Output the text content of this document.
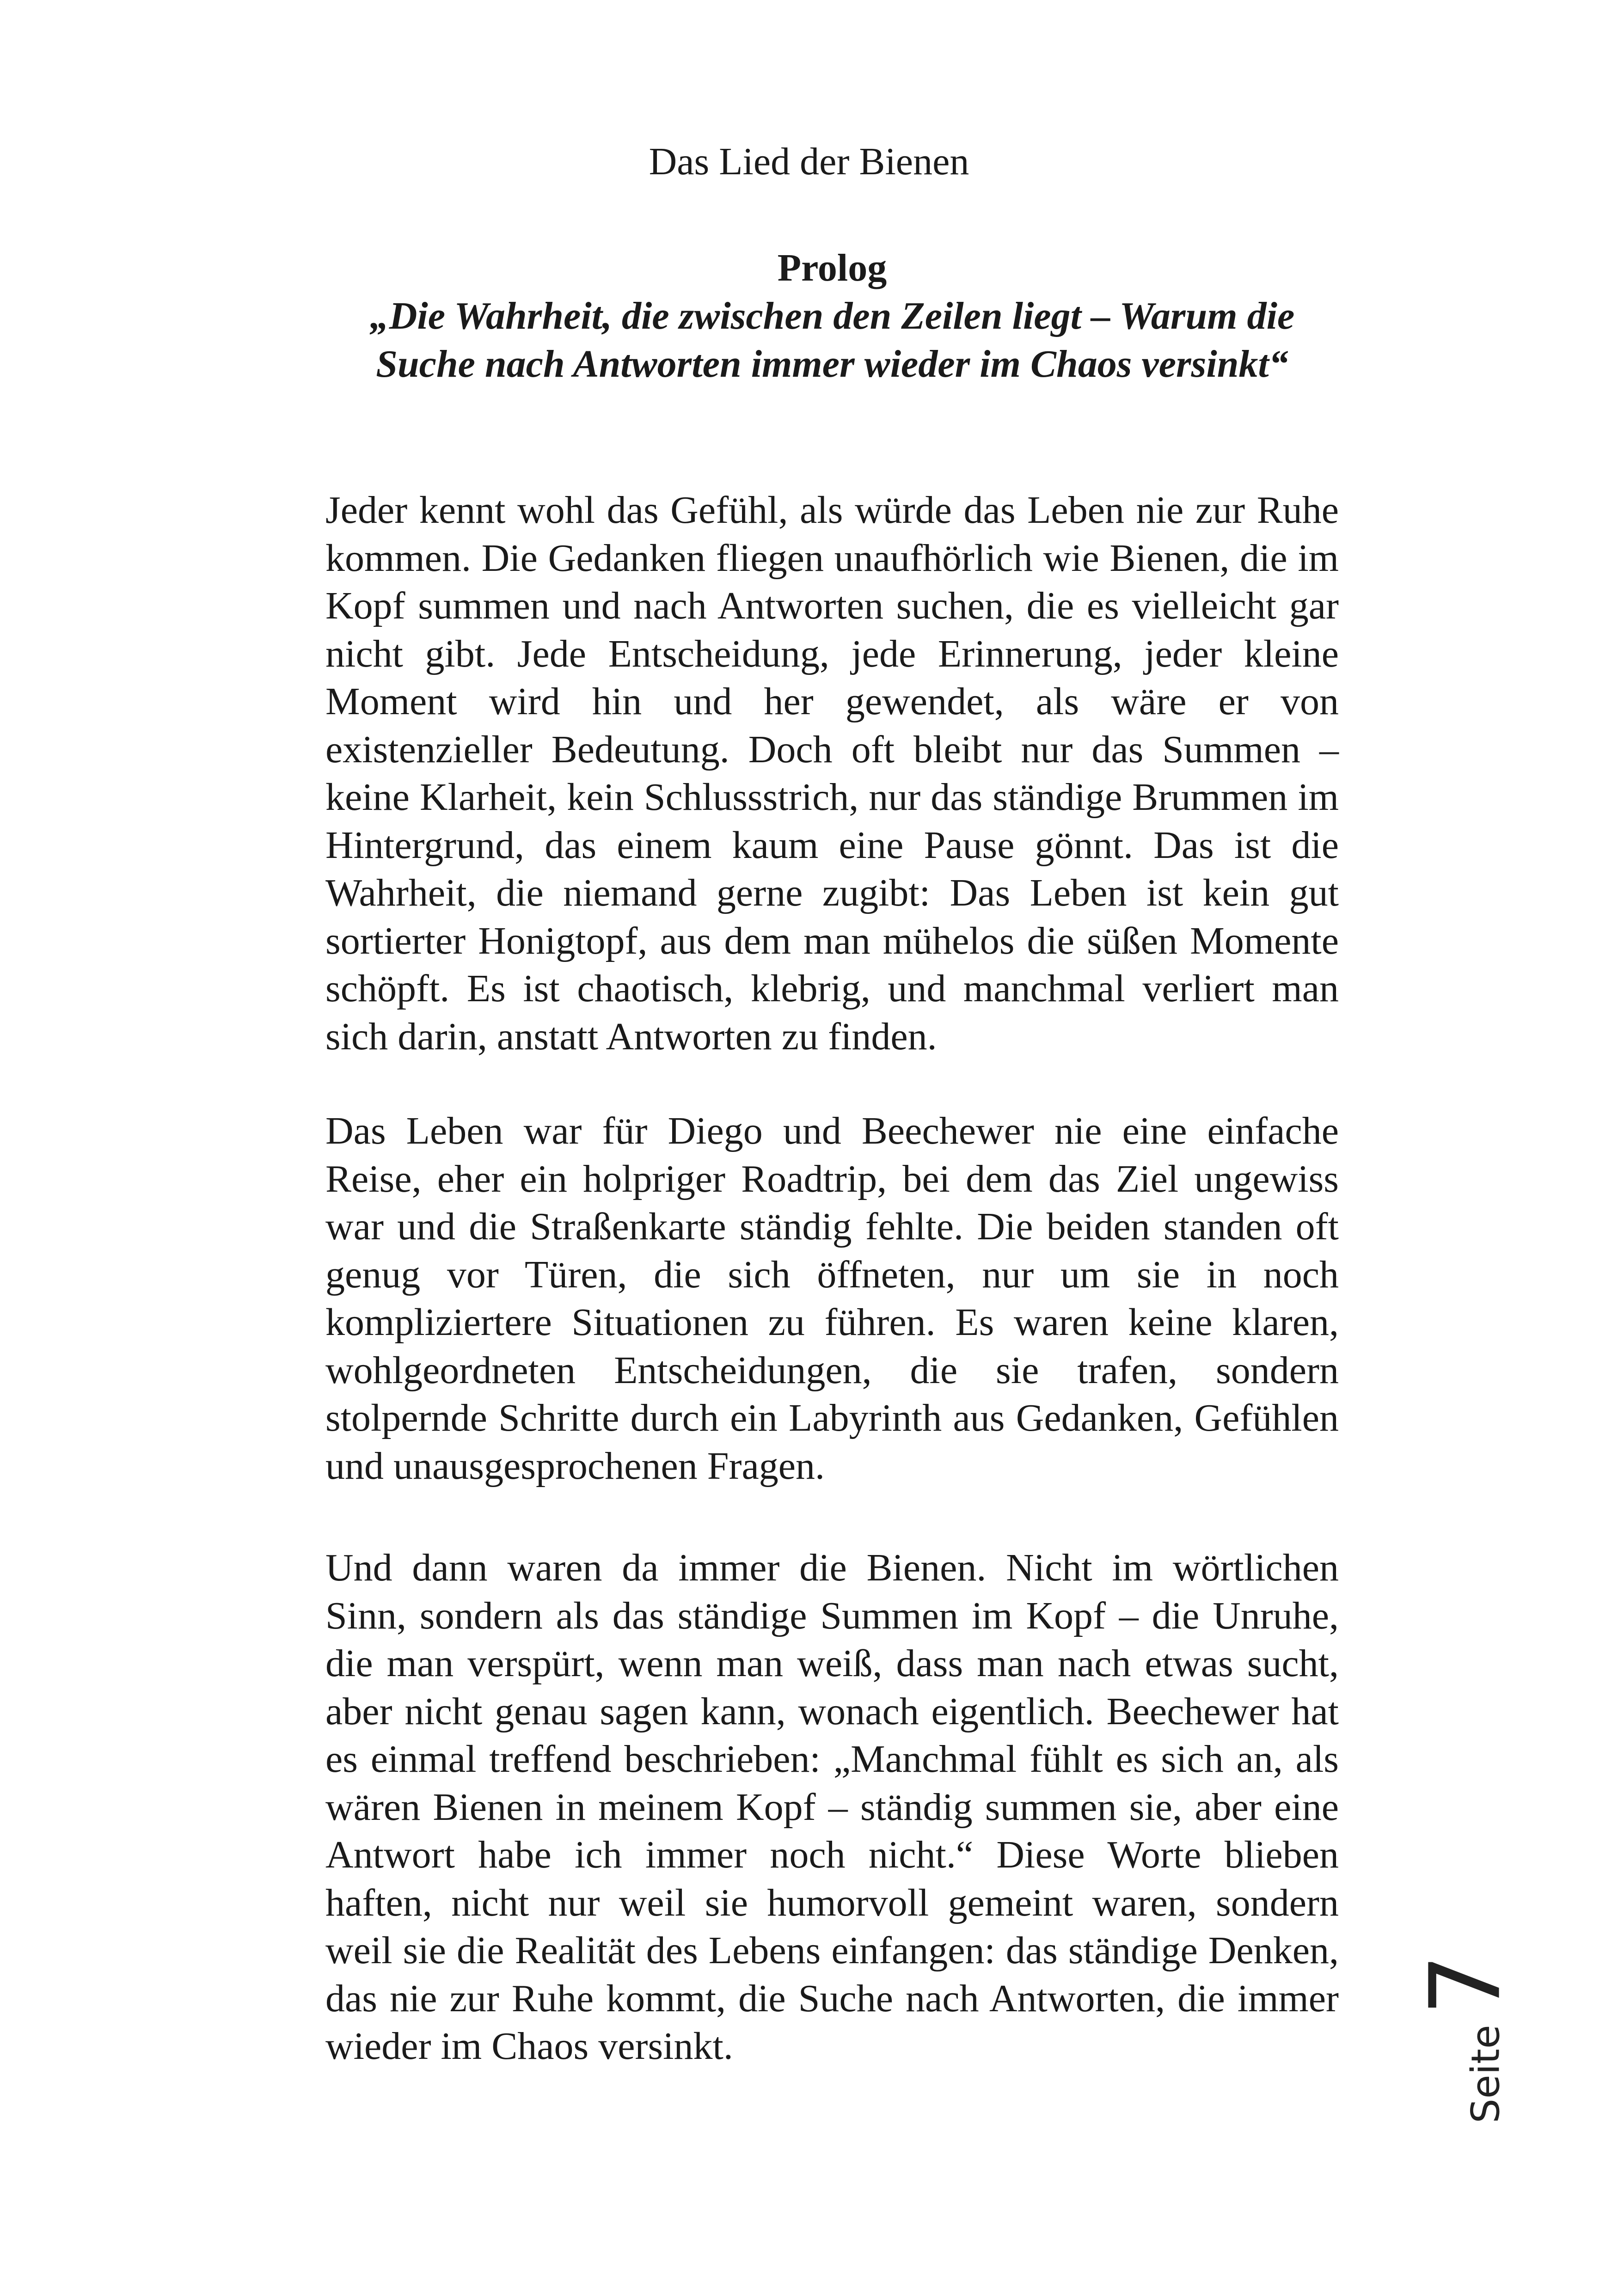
Das Lied der Bienen
Prolog
„Die Wahrheit, die zwischen den Zeilen liegt – Warum die Suche nach Antworten immer wieder im Chaos versinkt“

Jeder kennt wohl das Gefühl, als würde das Leben nie zur Ruhe kommen. Die Gedanken fliegen unaufhörlich wie Bienen, die im Kopf summen und nach Antworten suchen, die es vielleicht gar nicht gibt. Jede Entscheidung, jede Erinnerung, jeder kleine Moment wird hin und her gewendet, als wäre er von existenzieller Bedeutung. Doch oft bleibt nur das Summen – keine Klarheit, kein Schlussstrich, nur das ständige Brummen im Hintergrund, das einem kaum eine Pause gönnt. Das ist die Wahrheit, die niemand gerne zugibt: Das Leben ist kein gut sortierter Honigtopf, aus dem man mühelos die süßen Momente schöpft. Es ist chaotisch, klebrig, und manchmal verliert man sich darin, anstatt Antworten zu finden.

Das Leben war für Diego und Beechewer nie eine einfache Reise, eher ein holpriger Roadtrip, bei dem das Ziel ungewiss war und die Straßenkarte ständig fehlte. Die beiden standen oft genug vor Türen, die sich öffneten, nur um sie in noch kompliziertere Situationen zu führen. Es waren keine klaren, wohlgeordneten Entscheidungen, die sie trafen, sondern stolpernde Schritte durch ein Labyrinth aus Gedanken, Gefühlen und unausgesprochenen Fragen.

Und dann waren da immer die Bienen. Nicht im wörtlichen Sinn, sondern als das ständige Summen im Kopf – die Unruhe, die man verspürt, wenn man weiß, dass man nach etwas sucht, aber nicht genau sagen kann, wonach eigentlich. Beechewer hat es einmal treffend beschrieben: „Manchmal fühlt es sich an, als wären Bienen in meinem Kopf – ständig summen sie, aber eine Antwort habe ich immer noch nicht.“ Diese Worte blieben haften, nicht nur weil sie humorvoll gemeint waren, sondern weil sie die Realität des Lebens einfangen: das ständige Denken, das nie zur Ruhe kommt, die Suche nach Antworten, die immer wieder im Chaos versinkt.	Seite7
